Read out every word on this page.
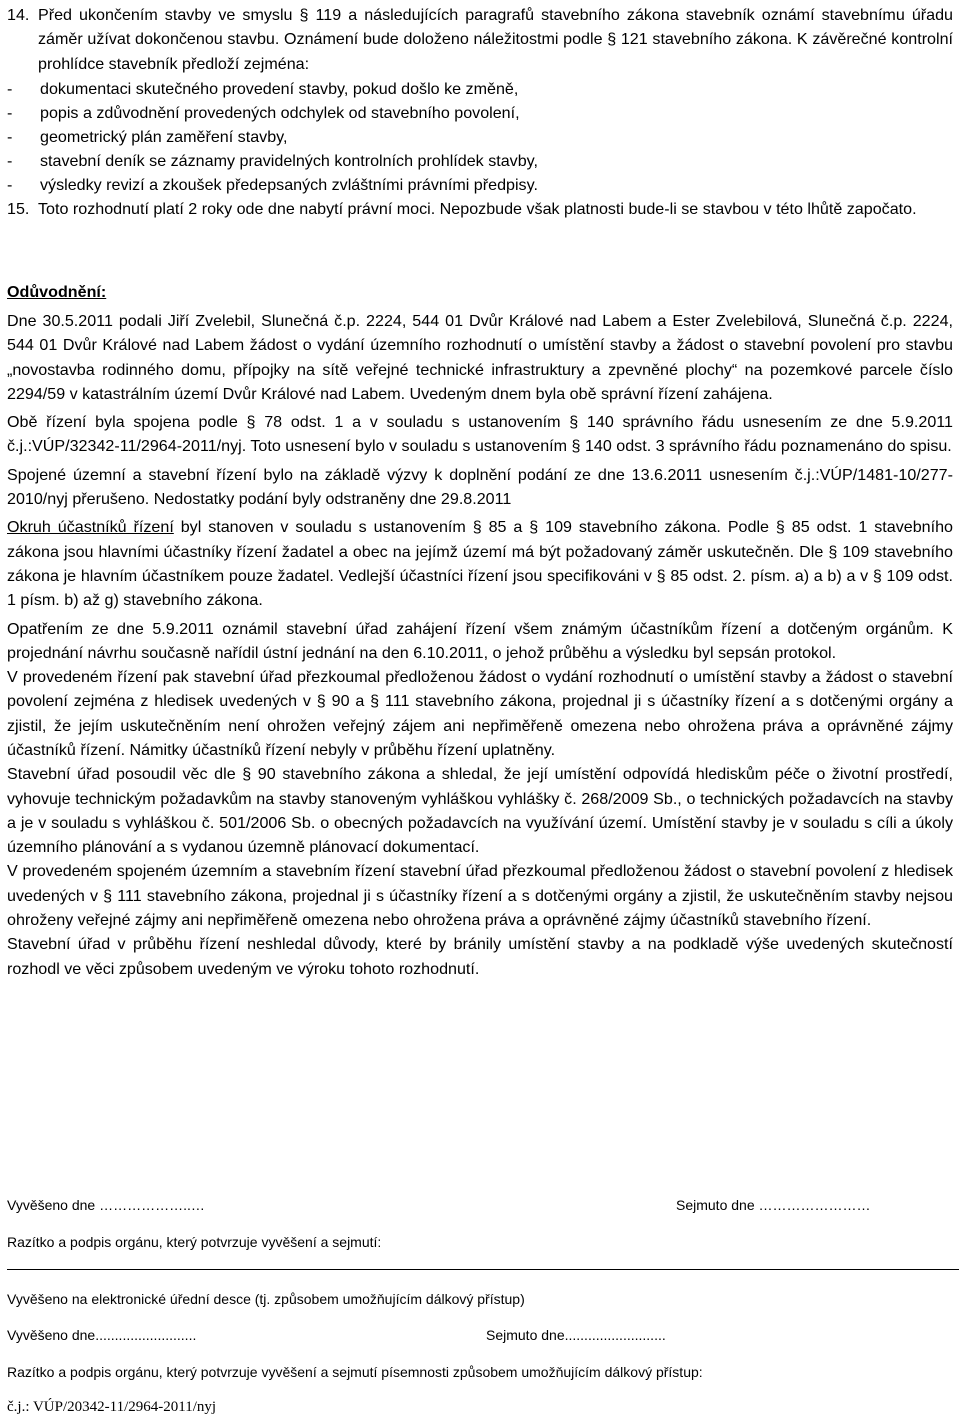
14. Před ukončením stavby ve smyslu § 119 a následujících paragrafů stavebního zákona stavebník oznámí stavebnímu úřadu záměr užívat dokončenou stavbu. Oznámení bude doloženo náležitostmi podle § 121 stavebního zákona. K závěrečné kontrolní prohlídce stavebník předloží zejména:
-	dokumentaci skutečného provedení stavby, pokud došlo ke změně,
-	popis a zdůvodnění provedených odchylek od stavebního povolení,
-	geometrický plán zaměření stavby,
-	stavební deník se záznamy pravidelných kontrolních prohlídek stavby,
-	výsledky revizí a zkoušek předepsaných zvláštními právními předpisy.
15. Toto rozhodnutí platí 2 roky ode dne nabytí právní moci. Nepozbude však platnosti bude-li se stavbou v této lhůtě započato.

Odůvodnění:

Dne 30.5.2011 podali Jiří Zvelebil, Slunečná č.p. 2224, 544 01 Dvůr Králové nad Labem a Ester Zvelebilová, Slunečná č.p. 2224, 544 01 Dvůr Králové nad Labem žádost o vydání územního rozhodnutí o umístění stavby a žádost o stavební povolení pro stavbu „novostavba rodinného domu, přípojky na sítě veřejné technické infrastruktury a zpevněné plochy“ na pozemkové parcele číslo 2294/59 v katastrálním území Dvůr Králové nad Labem. Uvedeným dnem byla obě správní řízení zahájena.

Obě řízení byla spojena podle § 78 odst. 1 a v souladu s ustanovením § 140 správního řádu usnesením ze dne 5.9.2011 č.j.:VÚP/32342-11/2964-2011/nyj. Toto usnesení bylo v souladu s ustanovením § 140 odst. 3 správního řádu poznamenáno do spisu.

Spojené územní a stavební řízení bylo na základě výzvy k doplnění podání ze dne 13.6.2011 usnesením č.j.:VÚP/1481-10/277-2010/nyj přerušeno. Nedostatky podání byly odstraněny dne 29.8.2011

Okruh účastníků řízení byl stanoven v souladu s ustanovením § 85 a § 109 stavebního zákona. Podle § 85 odst. 1 stavebního zákona jsou hlavními účastníky řízení žadatel a obec na jejímž území má být požadovaný záměr uskutečněn. Dle § 109 stavebního zákona je hlavním účastníkem pouze žadatel. Vedlejší účastníci řízení jsou specifikováni v § 85 odst. 2. písm. a) a b) a v § 109 odst. 1 písm. b) až g) stavebního zákona.

Opatřením ze dne 5.9.2011 oznámil stavební úřad zahájení řízení všem známým účastníkům řízení a dotčeným orgánům. K projednání návrhu současně nařídil ústní jednání na den 6.10.2011, o jehož průběhu a výsledku byl sepsán protokol.

V provedeném řízení pak stavební úřad přezkoumal předloženou žádost o vydání rozhodnutí o umístění stavby a žádost o stavební povolení zejména z hledisek uvedených v § 90 a § 111 stavebního zákona, projednal ji s účastníky řízení a s dotčenými orgány a zjistil, že jejím uskutečněním není ohrožen veřejný zájem ani nepřiměřeně omezena nebo ohrožena práva a oprávněné zájmy účastníků řízení. Námitky účastníků řízení nebyly v průběhu řízení uplatněny.

Stavební úřad posoudil věc dle § 90 stavebního zákona a shledal, že její umístění odpovídá hlediskům péče o životní prostředí, vyhovuje technickým požadavkům na stavby stanoveným vyhláškou vyhlášky č. 268/2009 Sb., o technických požadavcích na stavby a je v souladu s vyhláškou č. 501/2006 Sb. o obecných požadavcích na využívání území. Umístění stavby je v souladu s cíli a úkoly územního plánování a s vydanou územně plánovací dokumentací.

V provedeném spojeném územním a stavebním řízení stavební úřad přezkoumal předloženou žádost o stavební povolení z hledisek uvedených v § 111 stavebního zákona, projednal ji s účastníky řízení a s dotčenými orgány a zjistil, že uskutečněním stavby nejsou ohroženy veřejné zájmy ani nepřiměřeně omezena nebo ohrožena práva a oprávněné zájmy účastníků stavebního řízení.

Stavební úřad v průběhu řízení neshledal důvody, které by bránily umístění stavby a na podkladě výše uvedených skutečností rozhodl ve věci způsobem uvedeným ve výroku tohoto rozhodnutí.

Vyvěšeno dne ………………..…	Sejmuto dne ……………………
Razítko a podpis orgánu, který potvrzuje vyvěšení a sejmutí:
Vyvěšeno na elektronické úřední desce (tj. způsobem umožňujícím dálkový přístup)
Vyvěšeno dne..........................	Sejmuto dne..........................
Razítko a podpis orgánu, který potvrzuje vyvěšení a sejmutí písemnosti způsobem umožňujícím dálkový přístup:
č.j.: VÚP/20342-11/2964-2011/nyj
